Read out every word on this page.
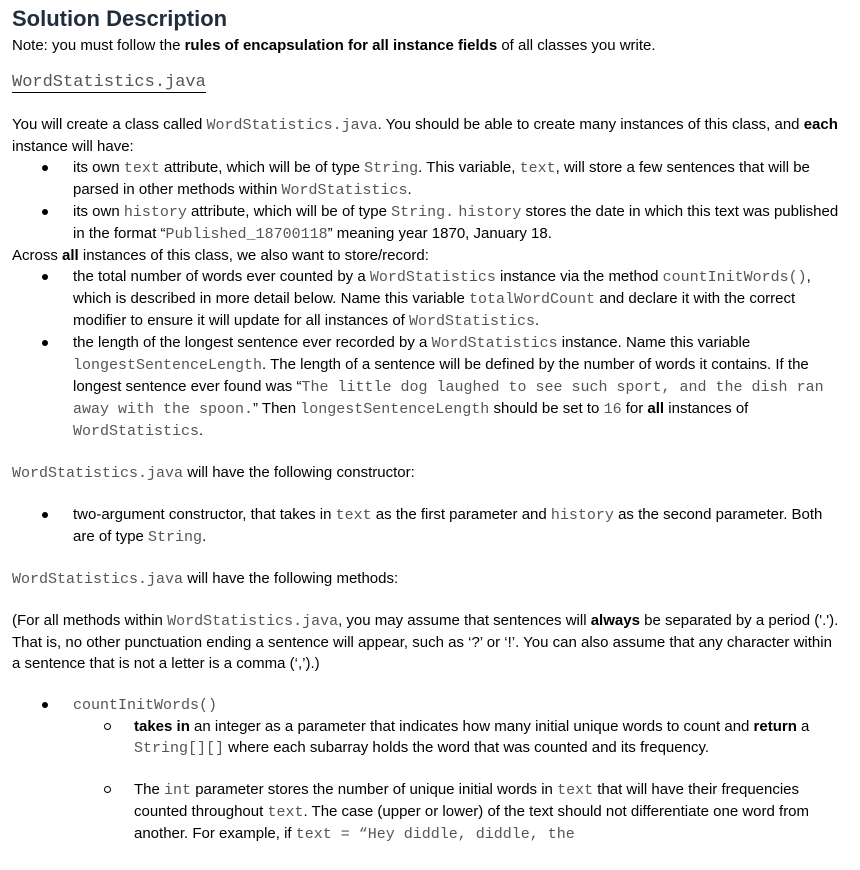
Solution Description

Note: you must follow the rules of encapsulation for all instance fields of all classes you write.

WordStatistics.java

You will create a class called WordStatistics.java. You should be able to create many instances of this class, and each instance will have:

its own text attribute, which will be of type String. This variable, text, will store a few sentences that will be parsed in other methods within WordStatistics.
its own history attribute, which will be of type String. history stores the date in which this text was published in the format “Published_18700118” meaning year 1870, January 18.

Across all instances of this class, we also want to store/record:

the total number of words ever counted by a WordStatistics instance via the method countInitWords(), which is described in more detail below. Name this variable totalWordCount and declare it with the correct modifier to ensure it will update for all instances of WordStatistics.
the length of the longest sentence ever recorded by a WordStatistics instance. Name this variable longestSentenceLength. The length of a sentence will be defined by the number of words it contains. If the longest sentence ever found was “The little dog laughed to see such sport, and the dish ran away with the spoon.” Then longestSentenceLength should be set to 16 for all instances of WordStatistics.

WordStatistics.java will have the following constructor:

two-argument constructor, that takes in text as the first parameter and history as the second parameter. Both are of type String.

WordStatistics.java will have the following methods:

(For all methods within WordStatistics.java, you may assume that sentences will always be separated by a period ('.'). That is, no other punctuation ending a sentence will appear, such as ‘?’ or ‘!’. You can also assume that any character within a sentence that is not a letter is a comma (‘,’).)

countInitWords()
takes in an integer as a parameter that indicates how many initial unique words to count and return a String[][] where each subarray holds the word that was counted and its frequency.
The int parameter stores the number of unique initial words in text that will have their frequencies counted throughout text. The case (upper or lower) of the text should not differentiate one word from another. For example, if text = “Hey diddle, diddle, the
